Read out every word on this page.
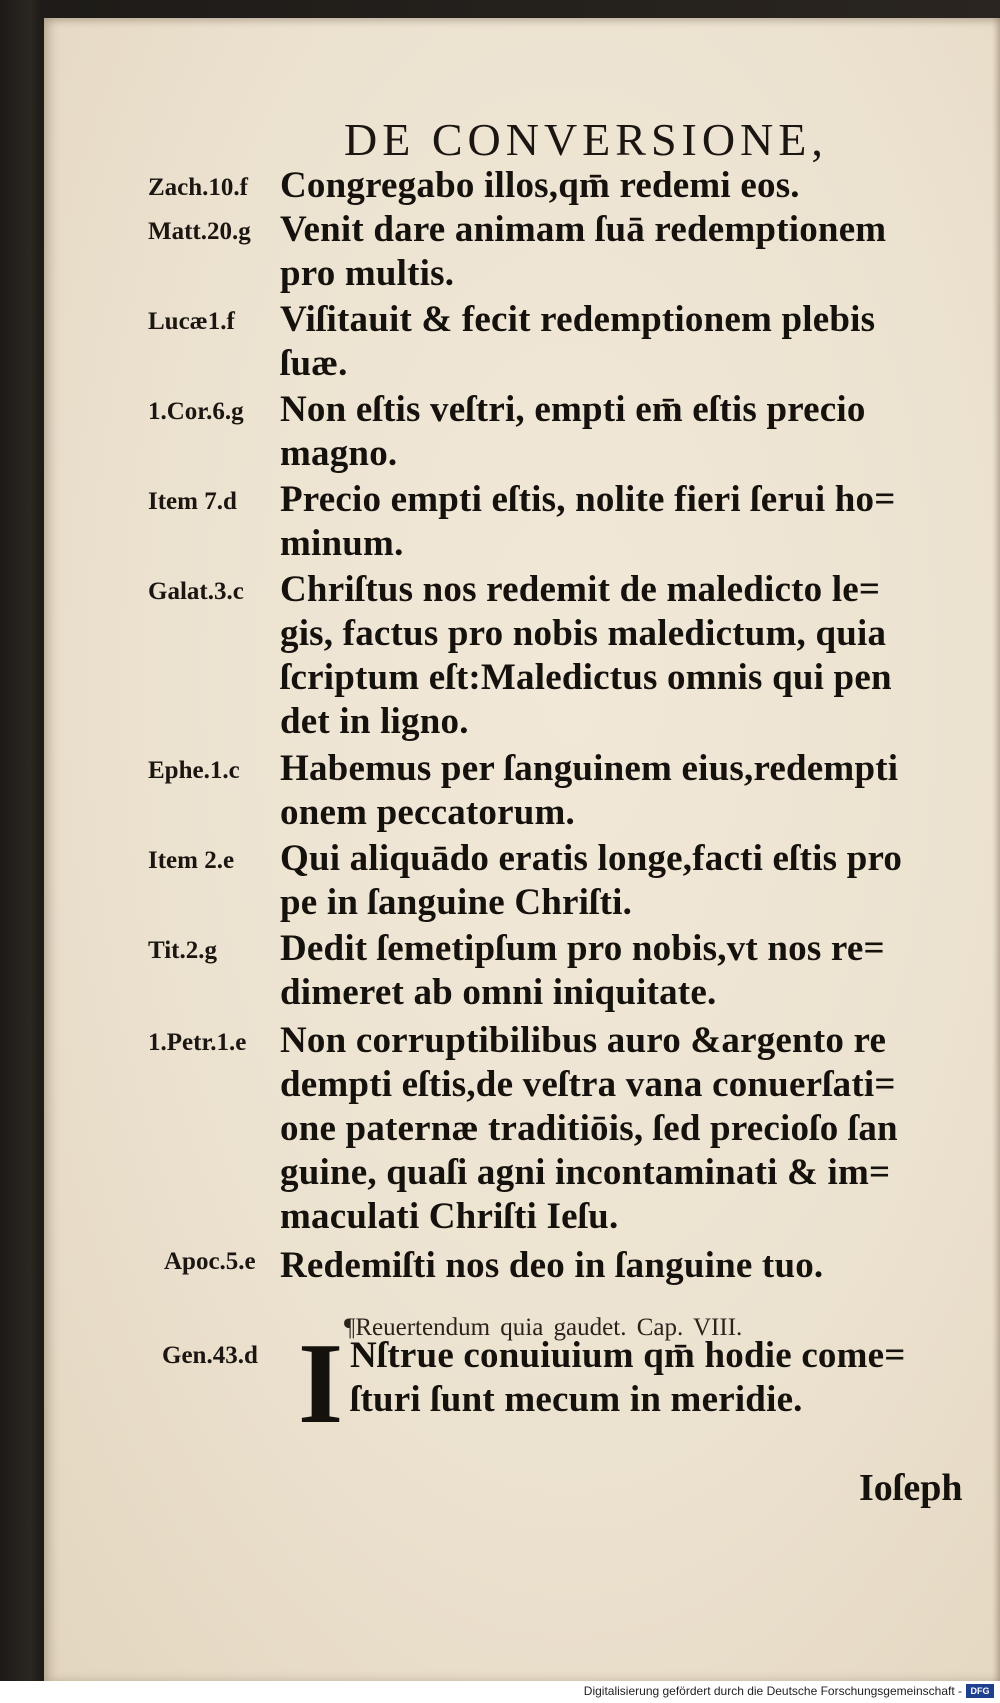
DE CONVERSIONE,
Zach.10.f Congregabo illos,qm̄ redemi eos.
Matt.20.g Venit dare animam ſuā redemptionem
pro multis.
Lucæ1.f Viſitauit & fecit redemptionem plebis
ſuæ.
1.Cor.6.g Non eſtis veſtri, empti em̄ eſtis precio
magno.
Item 7.d Precio empti eſtis, nolite fieri ſerui ho=
minum.
Galat.3.c Chriſtus nos redemit de maledicto le=
gis, factus pro nobis maledictum, quia
ſcriptum eſt:Maledictus omnis qui pen
det in ligno.
Ephe.1.c Habemus per ſanguinem eius,redempti
onem peccatorum.
Item 2.e Qui aliquādo eratis longe,facti eſtis pro
pe in ſanguine Chriſti.
Tit.2.g Dedit ſemetipſum pro nobis,vt nos re=
dimeret ab omni iniquitate.
1.Petr.1.e Non corruptibilibus auro &argento re
dempti eſtis,de veſtra vana conuerſati=
one paternæ traditiōis, ſed precioſo ſan
guine, quaſi agni incontaminati & im=
maculati Chriſti Ieſu.
Apoc.5.e Redemiſti nos deo in ſanguine tuo.
¶Reuertendum quia gaudet. Cap. VIII.
Gen.43.d I Nſtrue conuiuium qm̄ hodie come=
ſturi ſunt mecum in meridie.
Ioſeph
Digitalisierung gefördert durch die Deutsche Forschungsgemeinschaft - DFG
